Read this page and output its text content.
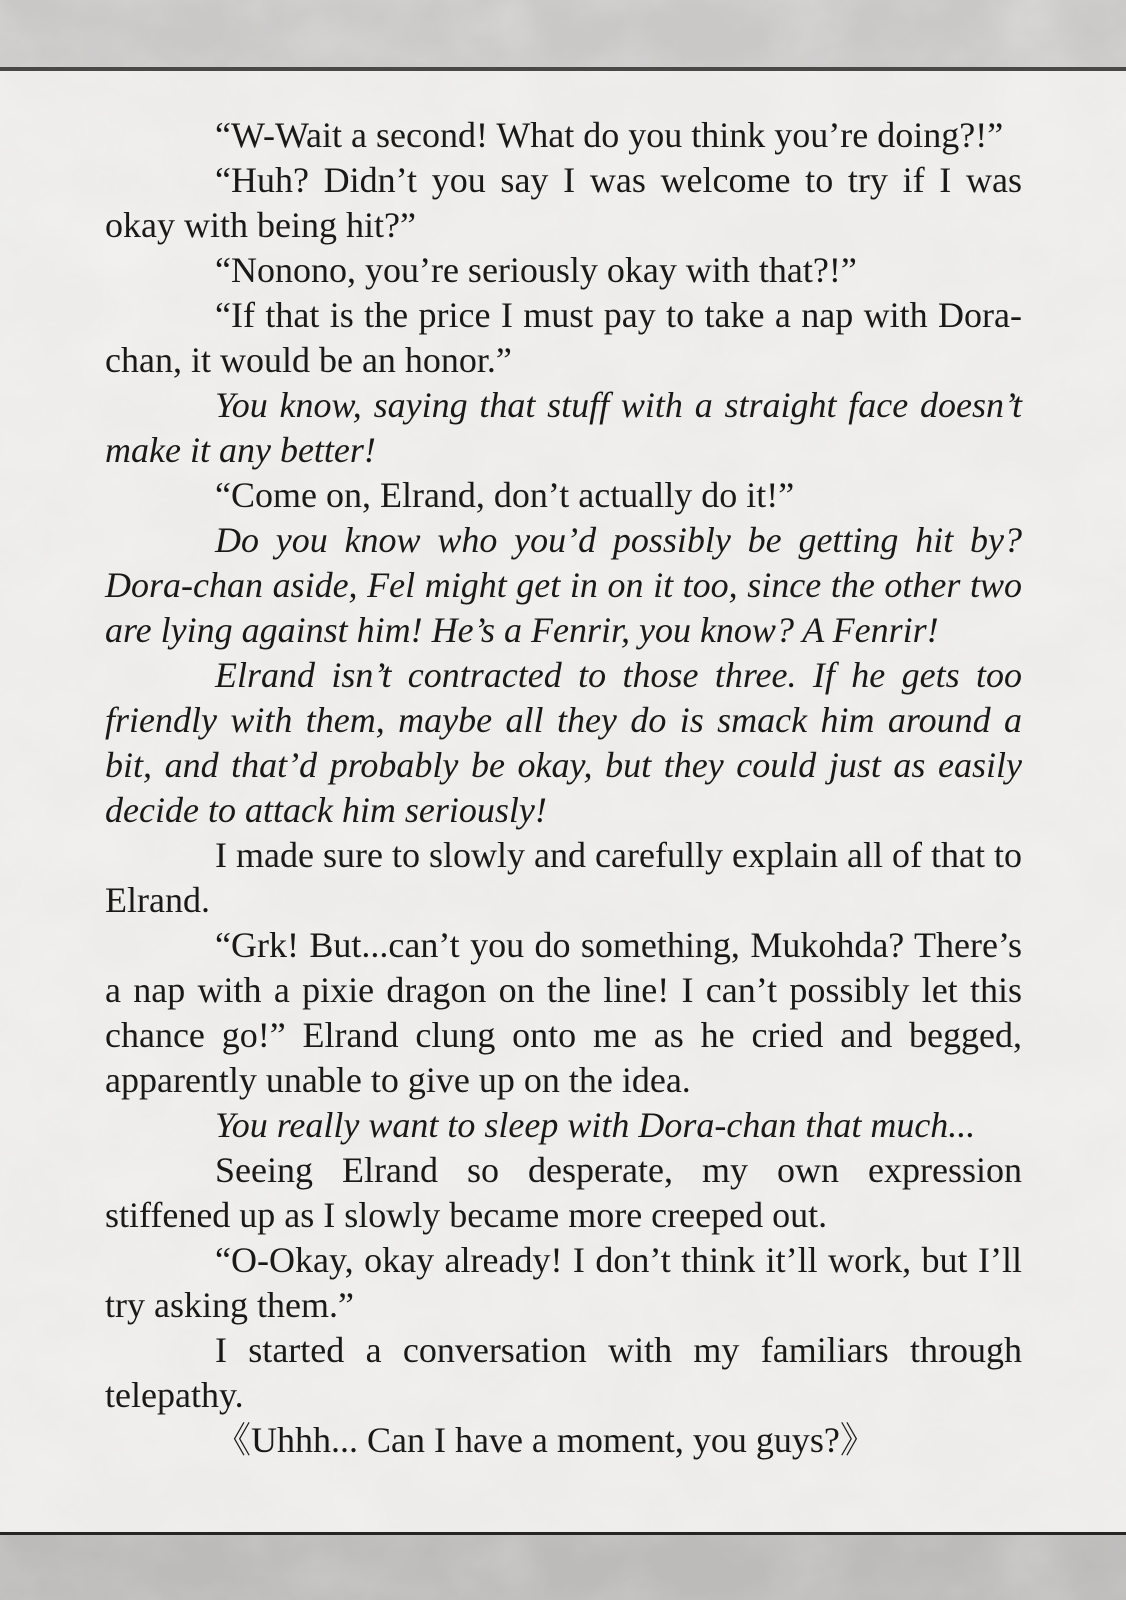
“W-Wait a second! What do you think you’re doing?!”

“Huh? Didn’t you say I was welcome to try if I was okay with being hit?”

“Nonono, you’re seriously okay with that?!”

“If that is the price I must pay to take a nap with Dora-chan, it would be an honor.”

You know, saying that stuff with a straight face doesn’t make it any better!

“Come on, Elrand, don’t actually do it!”

Do you know who you’d possibly be getting hit by? Dora-chan aside, Fel might get in on it too, since the other two are lying against him! He’s a Fenrir, you know? A Fenrir!

Elrand isn’t contracted to those three. If he gets too friendly with them, maybe all they do is smack him around a bit, and that’d probably be okay, but they could just as easily decide to attack him seriously!

I made sure to slowly and carefully explain all of that to Elrand.

“Grk! But...can’t you do something, Mukohda? There’s a nap with a pixie dragon on the line! I can’t possibly let this chance go!” Elrand clung onto me as he cried and begged, apparently unable to give up on the idea.

You really want to sleep with Dora-chan that much...

Seeing Elrand so desperate, my own expression stiffened up as I slowly became more creeped out.

“O-Okay, okay already! I don’t think it’ll work, but I’ll try asking them.”

I started a conversation with my familiars through telepathy.

《Uhhh... Can I have a moment, you guys?》
